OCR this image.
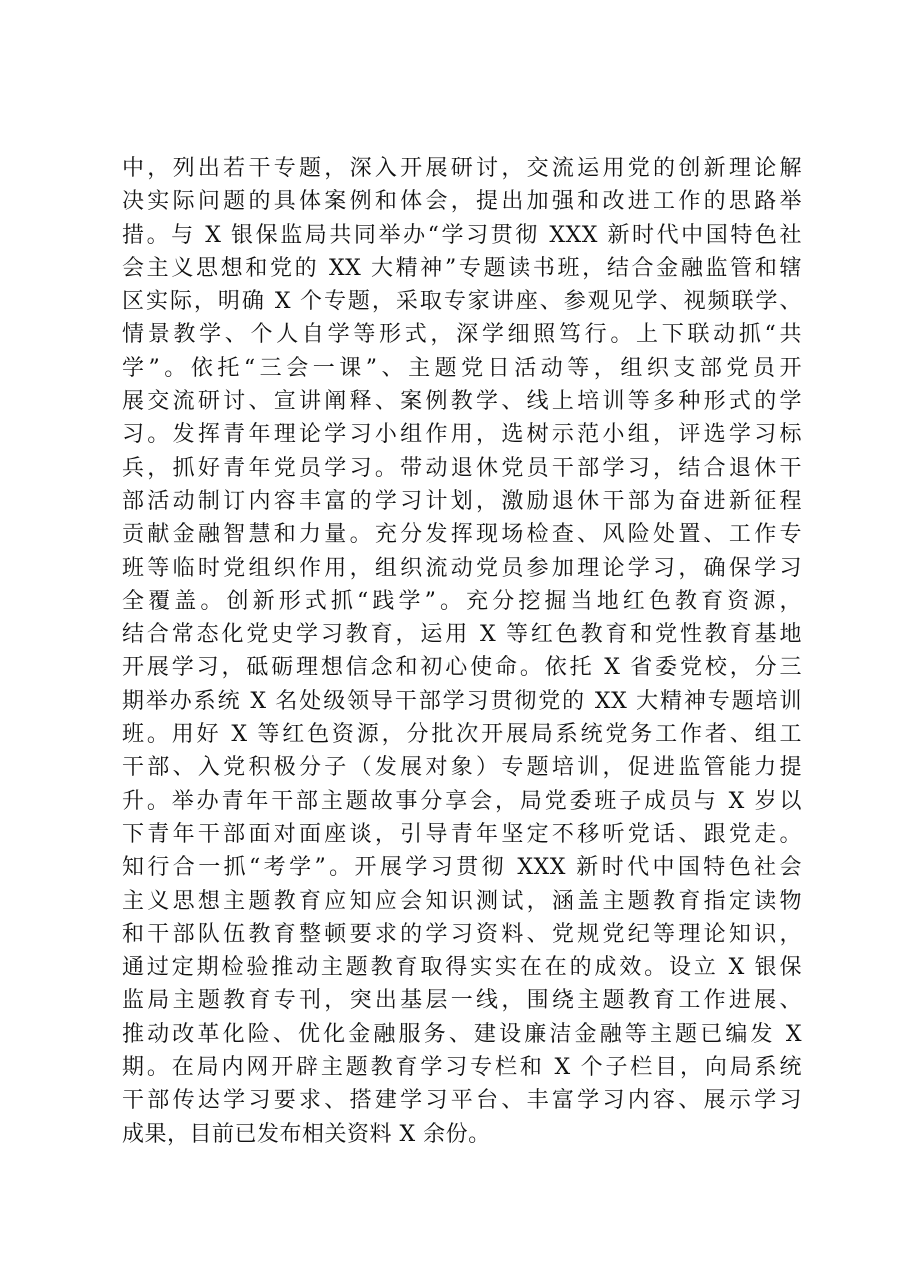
中，列出若干专题，深入开展研讨，交流运用党的创新理论解
决实际问题的具体案例和体会，提出加强和改进工作的思路举
措。与 X 银保监局共同举办“学习贯彻 XXX 新时代中国特色社
会主义思想和党的 XX 大精神”专题读书班，结合金融监管和辖
区实际，明确 X 个专题，采取专家讲座、参观见学、视频联学、
情景教学、个人自学等形式，深学细照笃行。上下联动抓“共
学”。依托“三会一课”、主题党日活动等，组织支部党员开
展交流研讨、宣讲阐释、案例教学、线上培训等多种形式的学
习。发挥青年理论学习小组作用，选树示范小组，评选学习标
兵，抓好青年党员学习。带动退休党员干部学习，结合退休干
部活动制订内容丰富的学习计划，激励退休干部为奋进新征程
贡献金融智慧和力量。充分发挥现场检查、风险处置、工作专
班等临时党组织作用，组织流动党员参加理论学习，确保学习
全覆盖。创新形式抓“践学”。充分挖掘当地红色教育资源，
结合常态化党史学习教育，运用 X 等红色教育和党性教育基地
开展学习，砥砺理想信念和初心使命。依托 X 省委党校，分三
期举办系统 X 名处级领导干部学习贯彻党的 XX 大精神专题培训
班。用好 X 等红色资源，分批次开展局系统党务工作者、组工
干部、入党积极分子（发展对象）专题培训，促进监管能力提
升。举办青年干部主题故事分享会，局党委班子成员与 X 岁以
下青年干部面对面座谈，引导青年坚定不移听党话、跟党走。
知行合一抓“考学”。开展学习贯彻 XXX 新时代中国特色社会
主义思想主题教育应知应会知识测试，涵盖主题教育指定读物
和干部队伍教育整顿要求的学习资料、党规党纪等理论知识，
通过定期检验推动主题教育取得实实在在的成效。设立 X 银保
监局主题教育专刊，突出基层一线，围绕主题教育工作进展、
推动改革化险、优化金融服务、建设廉洁金融等主题已编发 X
期。在局内网开辟主题教育学习专栏和 X 个子栏目，向局系统
干部传达学习要求、搭建学习平台、丰富学习内容、展示学习
成果，目前已发布相关资料 X 余份。
